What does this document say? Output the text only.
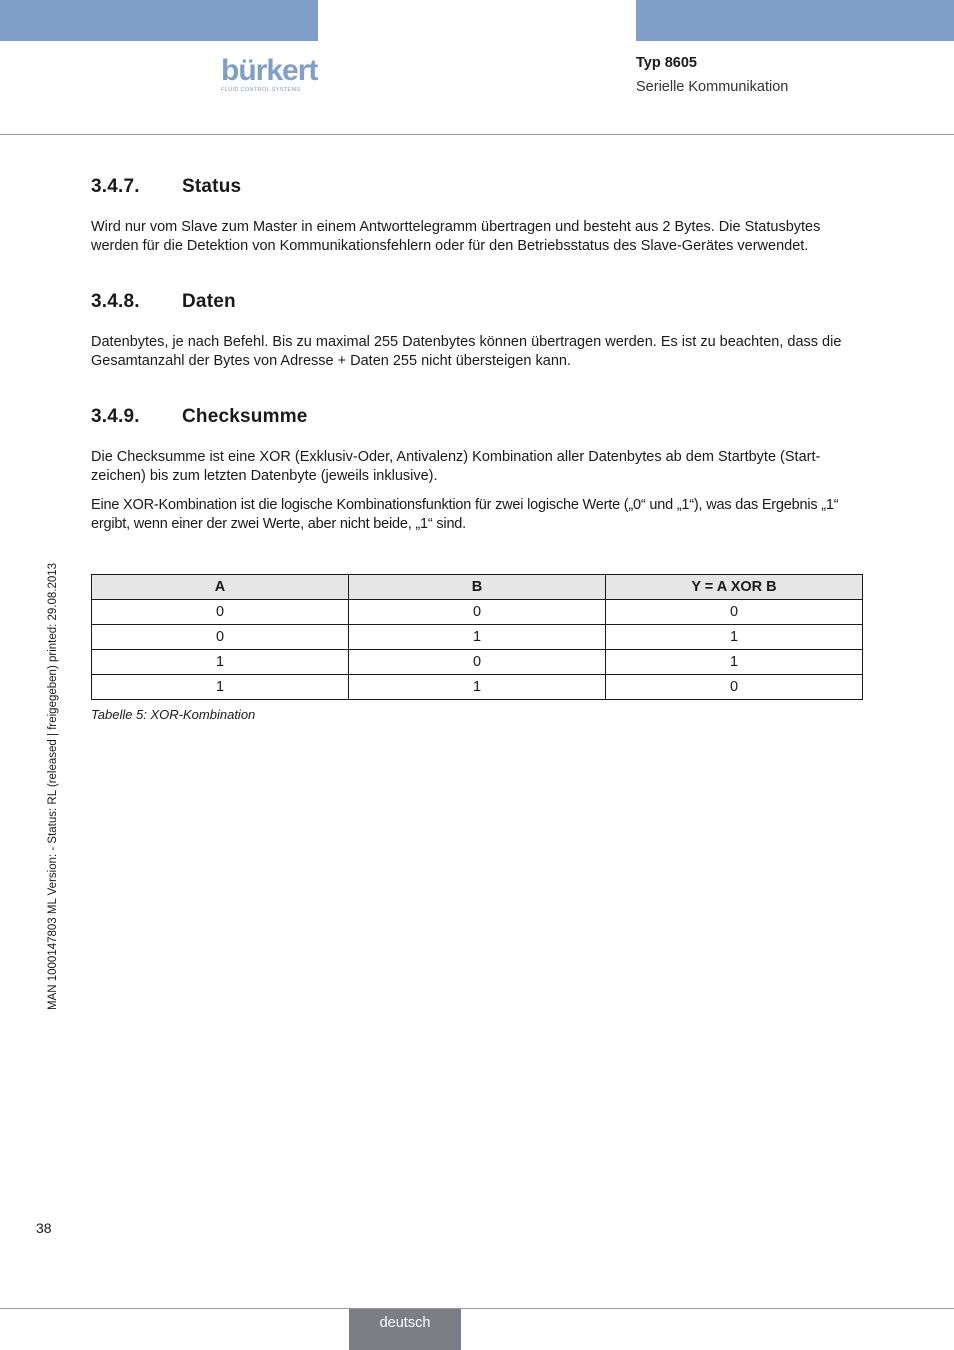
bürkert
FLUID CONTROL SYSTEMS
Typ 8605
Serielle Kommunikation
3.4.7.	Status

Wird nur vom Slave zum Master in einem Antworttelegramm übertragen und besteht aus 2 Bytes. Die Statusbytes werden für die Detektion von Kommunikationsfehlern oder für den Betriebsstatus des Slave-Gerätes verwendet.

3.4.8.	Daten

Datenbytes, je nach Befehl. Bis zu maximal 255 Datenbytes können übertragen werden. Es ist zu beachten, dass die Gesamtanzahl der Bytes von Adresse + Daten 255 nicht übersteigen kann.

3.4.9.	Checksumme

Die Checksumme ist eine XOR (Exklusiv-Oder, Antivalenz) Kombination aller Datenbytes ab dem Startbyte (Start-zeichen) bis zum letzten Datenbyte (jeweils inklusive).

Eine XOR-Kombination ist die logische Kombinationsfunktion für zwei logische Werte („0“ und „1“), was das Ergebnis „1“ ergibt, wenn einer der zwei Werte, aber nicht beide, „1“ sind.

A	B	Y = A XOR B
0	0	0
0	1	1
1	0	1
1	1	0
Tabelle 5: XOR-Kombination
MAN 1000147803 ML Version: - Status: RL (released | freigegeben) printed: 29.08.2013
38
deutsch
